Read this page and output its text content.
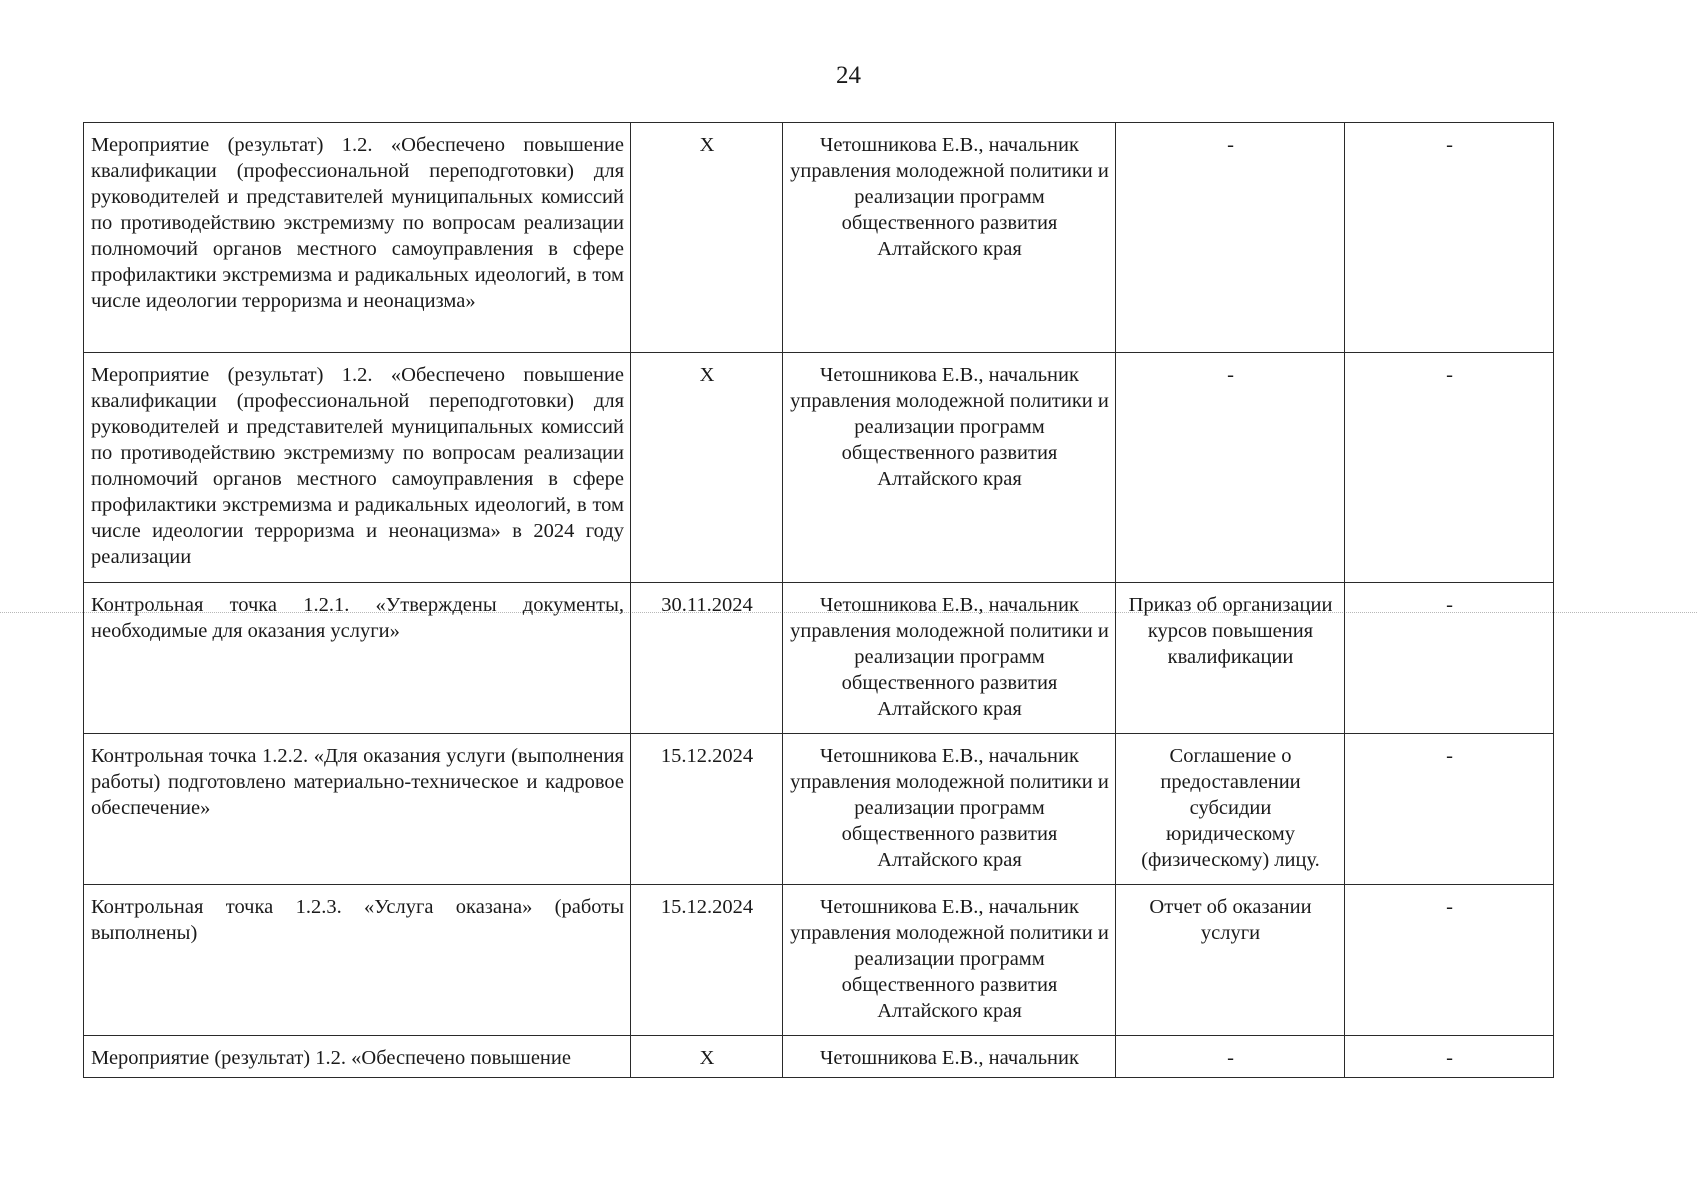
24
Мероприятие (результат) 1.2. «Обеспечено повышение квалификации (профессиональной переподготовки) для руководителей и представителей муниципальных комиссий по противодействию экстремизму по вопросам реализации полномочий органов местного самоуправления в сфере профилактики экстремизма и радикальных идеологий, в том числе идеологии терроризма и неонацизма»	X	Четошникова Е.В., начальник управления молодежной политики и реализации программ общественного развития Алтайского края	-	-
Мероприятие (результат) 1.2. «Обеспечено повышение квалификации (профессиональной переподготовки) для руководителей и представителей муниципальных комиссий по противодействию экстремизму по вопросам реализации полномочий органов местного самоуправления в сфере профилактики экстремизма и радикальных идеологий, в том числе идеологии терроризма и неонацизма» в 2024 году реализации	X	Четошникова Е.В., начальник управления молодежной политики и реализации программ общественного развития Алтайского края	-	-
Контрольная точка 1.2.1. «Утверждены документы, необходимые для оказания услуги»	30.11.2024	Четошникова Е.В., начальник управления молодежной политики и реализации программ общественного развития Алтайского края	Приказ об организации курсов повышения квалификации	-
Контрольная точка 1.2.2. «Для оказания услуги (выполнения работы) подготовлено материально-техническое и кадровое обеспечение»	15.12.2024	Четошникова Е.В., начальник управления молодежной политики и реализации программ общественного развития Алтайского края	Соглашение о предоставлении субсидии юридическому (физическому) лицу.	-
Контрольная точка 1.2.3. «Услуга оказана» (работы выполнены)	15.12.2024	Четошникова Е.В., начальник управления молодежной политики и реализации программ общественного развития Алтайского края	Отчет об оказании услуги	-
Мероприятие (результат) 1.2. «Обеспечено повышение	X	Четошникова Е.В., начальник	-	-
